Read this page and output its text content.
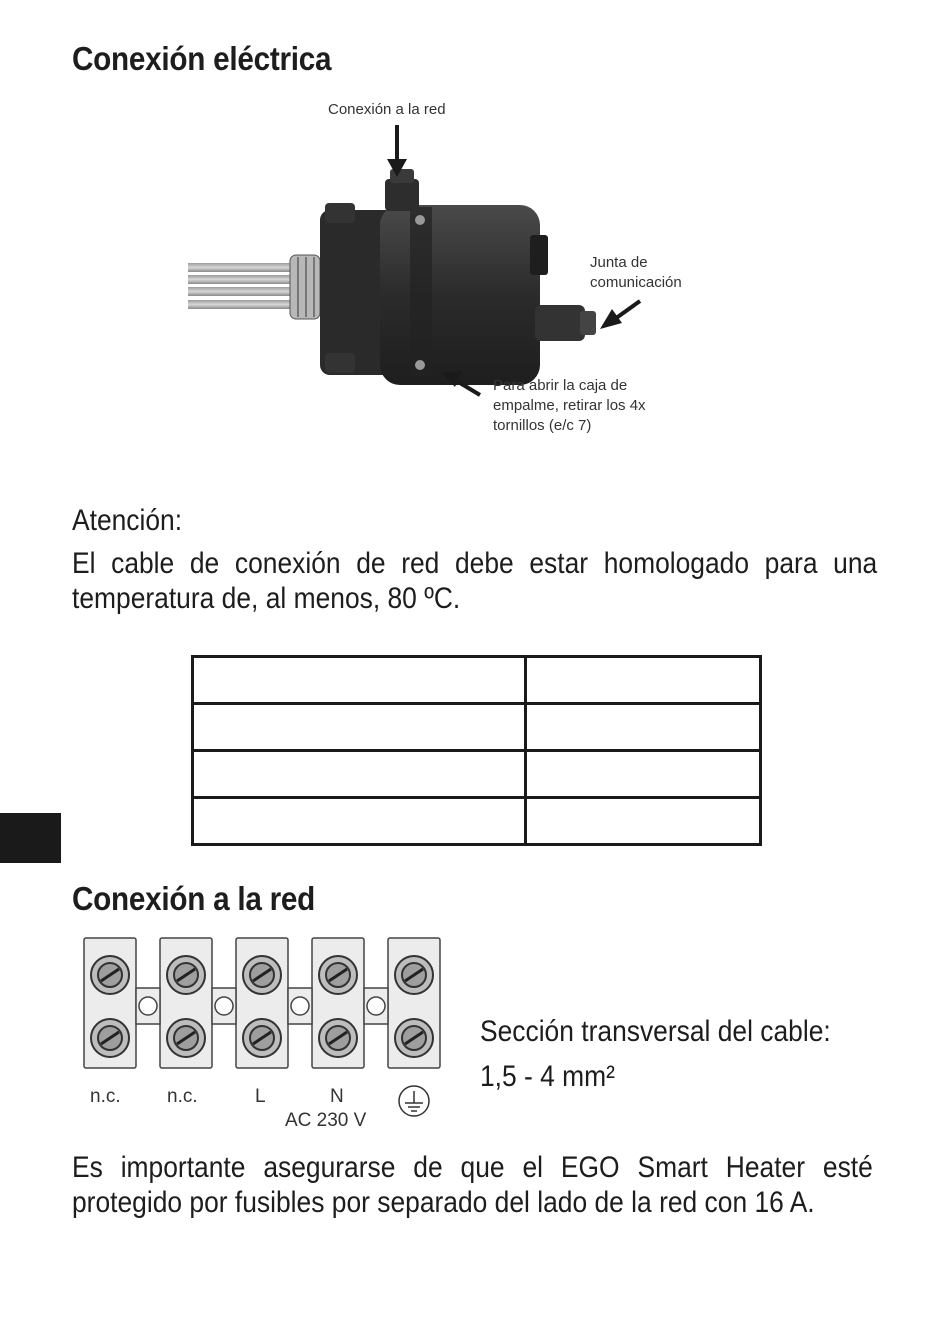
Conexión eléctrica
Conexión a la red
Junta de
comunicación
Para abrir la caja de
empalme, retirar los 4x
tornillos (e/c 7)

Atención:

El cable de conexión de red debe estar homologado para una temperatura de, al menos, 80 ºC.

Conexión a la red
n.c. n.c.	L	N
AC 230 V

Sección transversal del cable:

1,5 - 4 mm²

Es importante asegurarse de que el EGO Smart Heater esté protegido por fusibles por separado del lado de la red con 16 A.
